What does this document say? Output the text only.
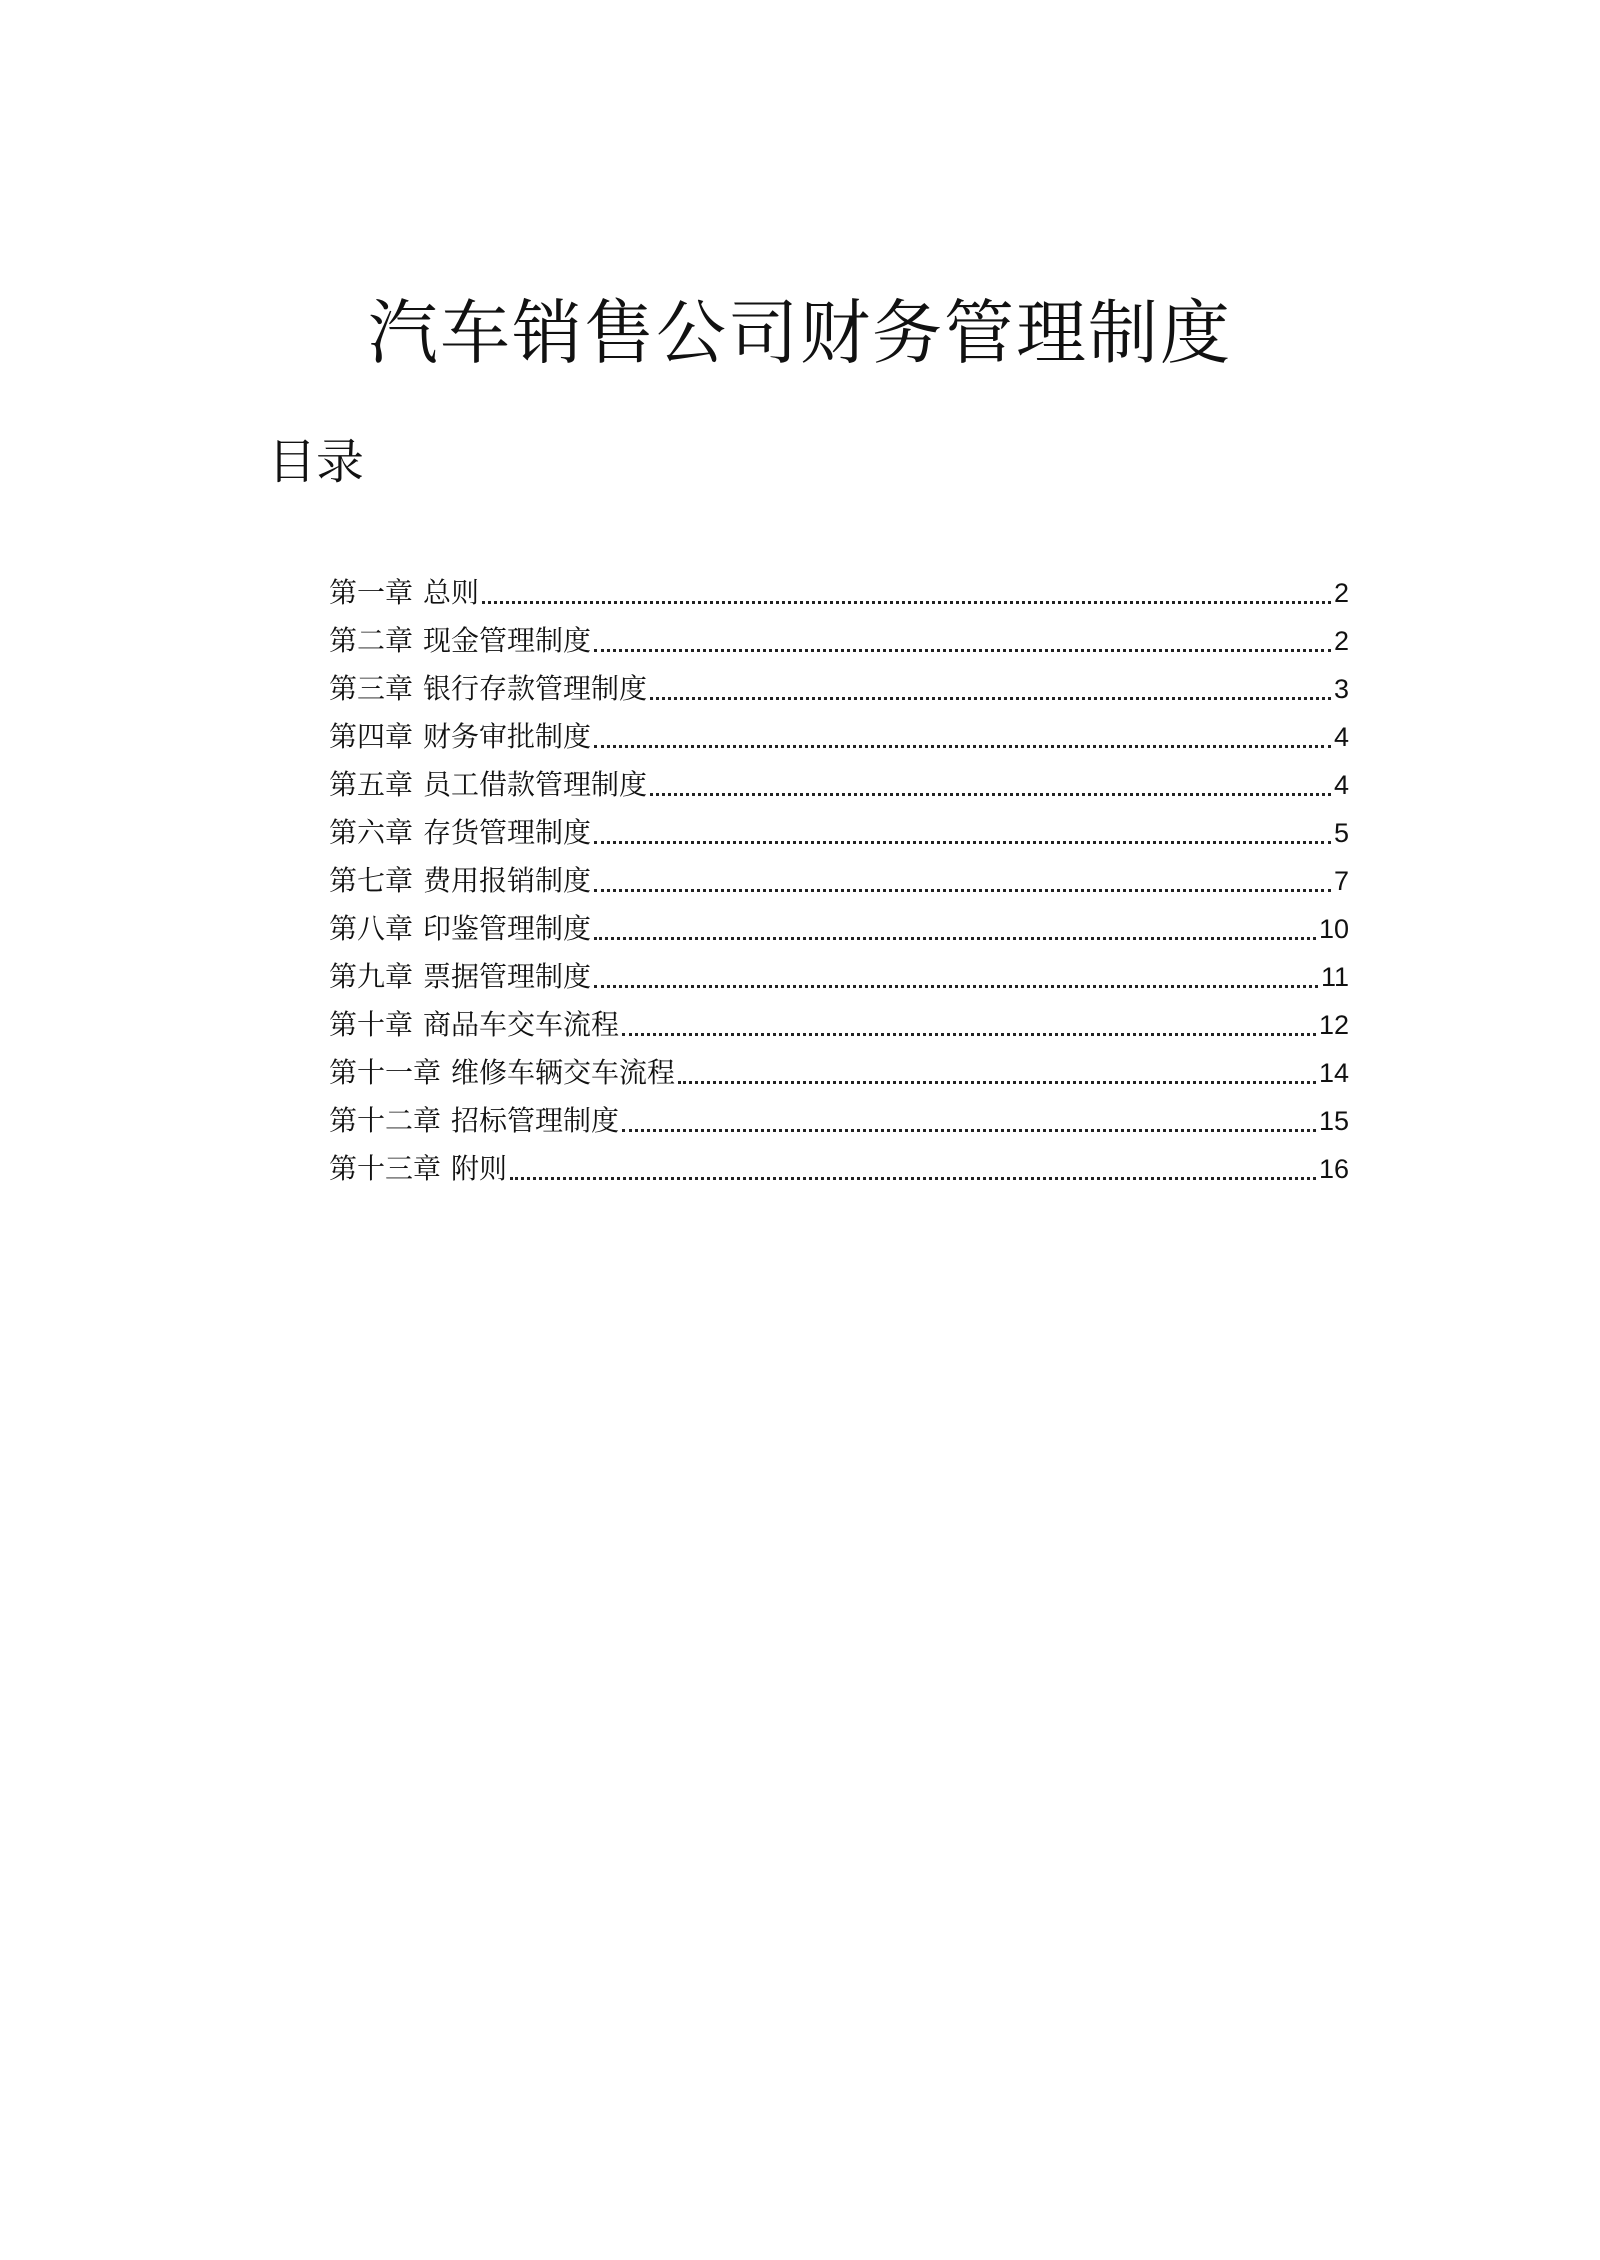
汽车销售公司财务管理制度
目录
第一章 总则	2
第二章 现金管理制度	2
第三章 银行存款管理制度	3
第四章 财务审批制度	4
第五章 员工借款管理制度	4
第六章 存货管理制度	5
第七章 费用报销制度	7
第八章 印鉴管理制度	10
第九章 票据管理制度	11
第十章 商品车交车流程	12
第十一章 维修车辆交车流程	14
第十二章 招标管理制度	15
第十三章 附则	16
